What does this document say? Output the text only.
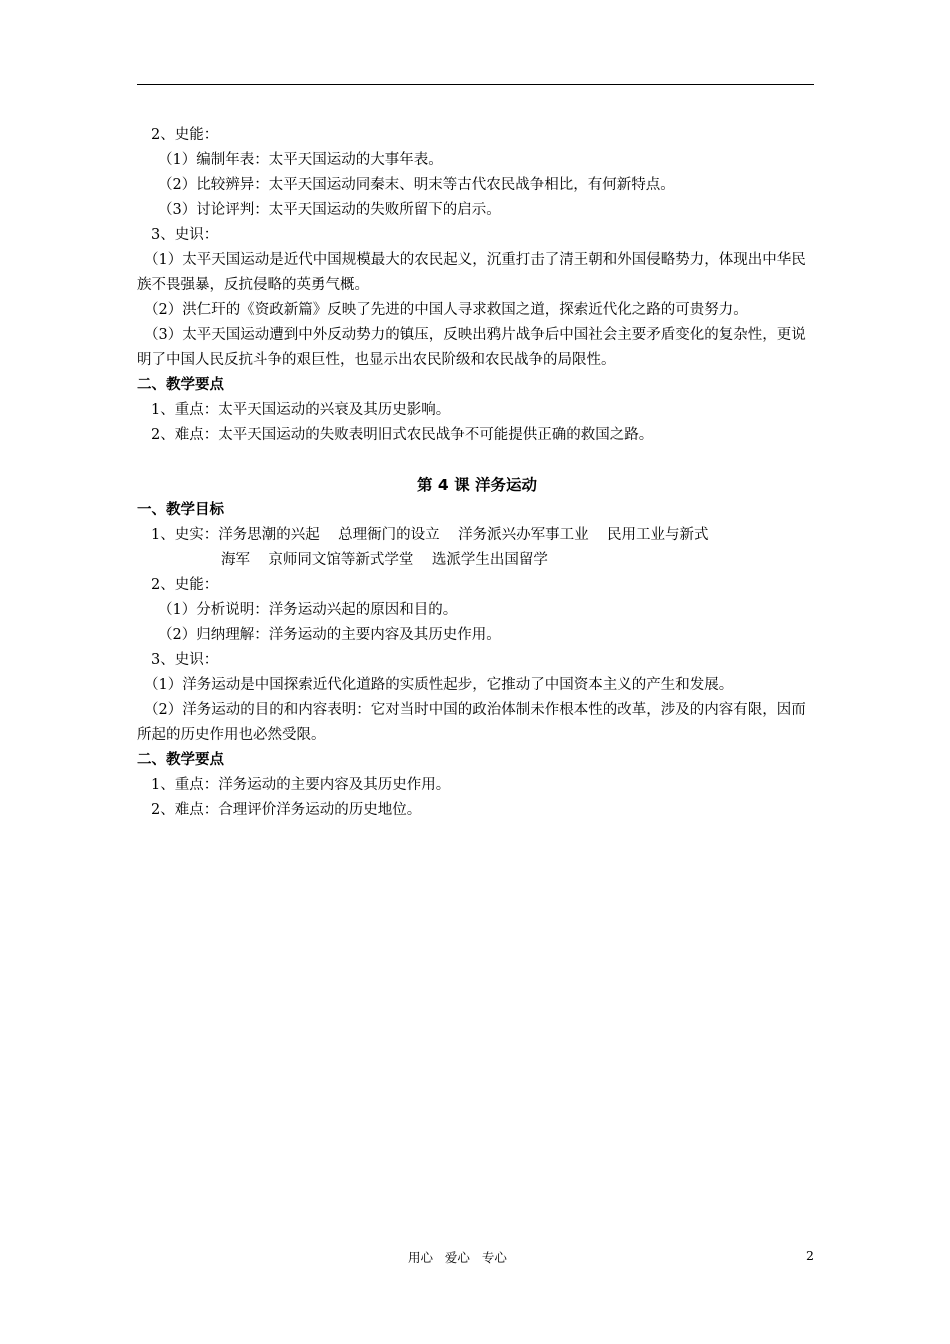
2、史能：
（1）编制年表：太平天国运动的大事年表。
（2）比较辨异：太平天国运动同秦末、明末等古代农民战争相比，有何新特点。
（3）讨论评判：太平天国运动的失败所留下的启示。
3、史识：
（1）太平天国运动是近代中国规模最大的农民起义，沉重打击了清王朝和外国侵略势力，体现出中华民族不畏强暴，反抗侵略的英勇气概。
（2）洪仁玕的《资政新篇》反映了先进的中国人寻求救国之道，探索近代化之路的可贵努力。
（3）太平天国运动遭到中外反动势力的镇压，反映出鸦片战争后中国社会主要矛盾变化的复杂性，更说明了中国人民反抗斗争的艰巨性，也显示出农民阶级和农民战争的局限性。
二、教学要点
1、重点：太平天国运动的兴衰及其历史影响。
2、难点：太平天国运动的失败表明旧式农民战争不可能提供正确的救国之路。
第 4 课 洋务运动
一、教学目标
1、史实：洋务思潮的兴起    总理衙门的设立    洋务派兴办军事工业    民用工业与新式
海军    京师同文馆等新式学堂    选派学生出国留学
2、史能：
（1）分析说明：洋务运动兴起的原因和目的。
（2）归纳理解：洋务运动的主要内容及其历史作用。
3、史识：
（1）洋务运动是中国探索近代化道路的实质性起步，它推动了中国资本主义的产生和发展。
（2）洋务运动的目的和内容表明：它对当时中国的政治体制未作根本性的改革，涉及的内容有限，因而所起的历史作用也必然受限。
二、教学要点
1、重点：洋务运动的主要内容及其历史作用。
2、难点：合理评价洋务运动的历史地位。
用心   爱心   专心	2
